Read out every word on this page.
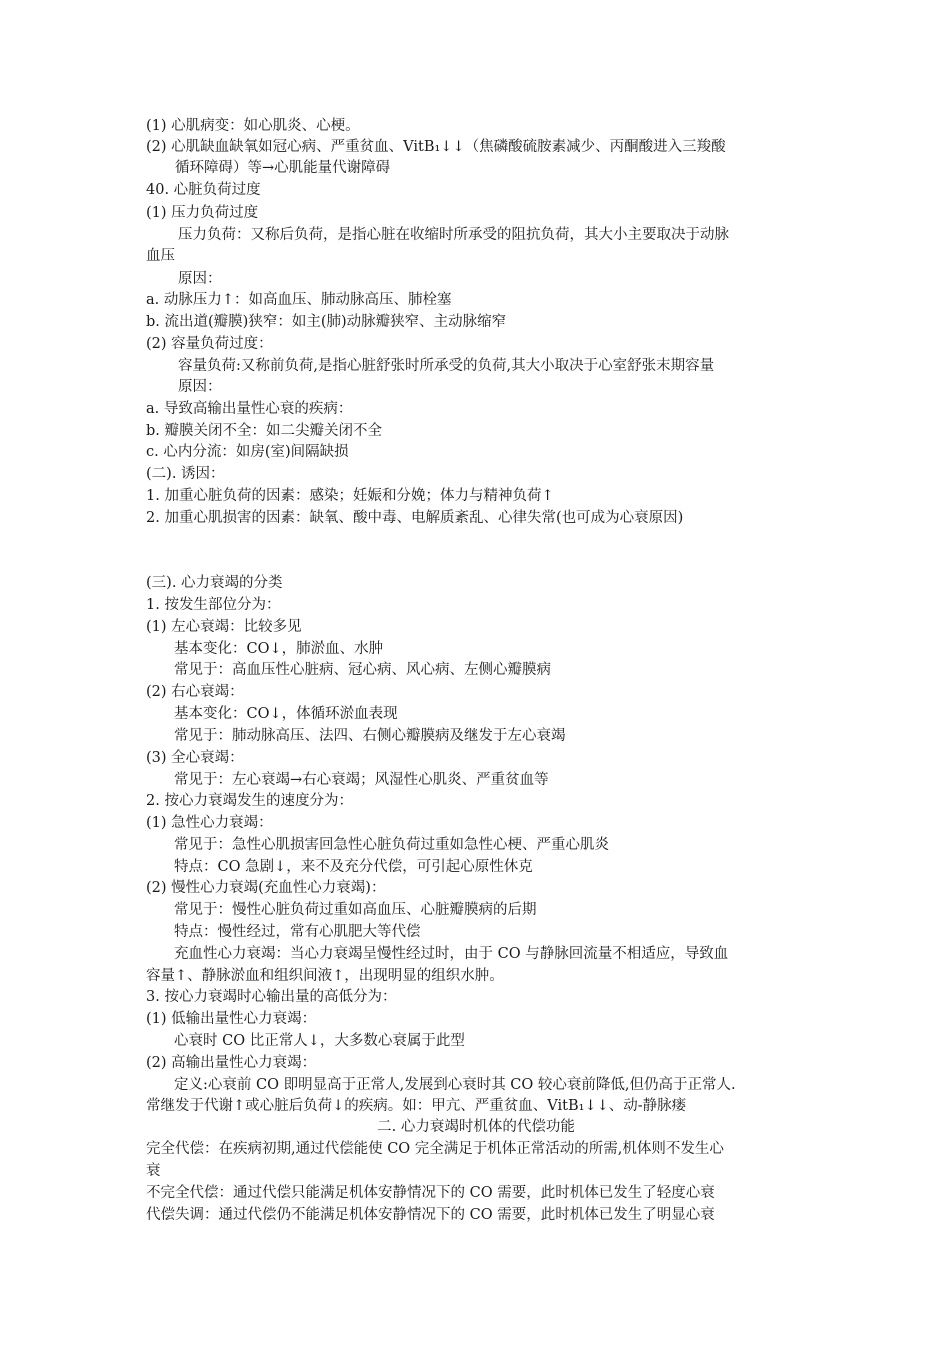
(1) 心肌病变：如心肌炎、心梗。
(2) 心肌缺血缺氧如冠心病、严重贫血、VitB₁↓↓（焦磷酸硫胺素减少、丙酮酸进入三羧酸
循环障碍）等→心肌能量代谢障碍
40. 心脏负荷过度
(1) 压力负荷过度
压力负荷：又称后负荷，是指心脏在收缩时所承受的阻抗负荷，其大小主要取决于动脉
血压
原因：
a. 动脉压力↑：如高血压、肺动脉高压、肺栓塞
b. 流出道(瓣膜)狭窄：如主(肺)动脉瓣狭窄、主动脉缩窄
(2) 容量负荷过度：
容量负荷:又称前负荷,是指心脏舒张时所承受的负荷,其大小取决于心室舒张末期容量
原因：
a. 导致高输出量性心衰的疾病：
b. 瓣膜关闭不全：如二尖瓣关闭不全
c. 心内分流：如房(室)间隔缺损
(二). 诱因：
1. 加重心脏负荷的因素：感染；妊娠和分娩；体力与精神负荷↑
2. 加重心肌损害的因素：缺氧、酸中毒、电解质紊乱、心律失常(也可成为心衰原因)
(三). 心力衰竭的分类
1. 按发生部位分为：
(1) 左心衰竭：比较多见
基本变化：CO↓，肺淤血、水肿
常见于：高血压性心脏病、冠心病、风心病、左侧心瓣膜病
(2) 右心衰竭：
基本变化：CO↓，体循环淤血表现
常见于：肺动脉高压、法四、右侧心瓣膜病及继发于左心衰竭
(3) 全心衰竭：
常见于：左心衰竭→右心衰竭；风湿性心肌炎、严重贫血等
2. 按心力衰竭发生的速度分为：
(1) 急性心力衰竭：
常见于：急性心肌损害回急性心脏负荷过重如急性心梗、严重心肌炎
特点：CO 急剧↓，来不及充分代偿，可引起心原性休克
(2) 慢性心力衰竭(充血性心力衰竭)：
常见于：慢性心脏负荷过重如高血压、心脏瓣膜病的后期
特点：慢性经过，常有心肌肥大等代偿
充血性心力衰竭：当心力衰竭呈慢性经过时，由于 CO 与静脉回流量不相适应，导致血
容量↑、静脉淤血和组织间液↑，出现明显的组织水肿。
3. 按心力衰竭时心输出量的高低分为：
(1) 低输出量性心力衰竭：
心衰时 CO 比正常人↓，大多数心衰属于此型
(2) 高输出量性心力衰竭：
定义:心衰前 CO 即明显高于正常人,发展到心衰时其 CO 较心衰前降低,但仍高于正常人.
常继发于代谢↑或心脏后负荷↓的疾病。如：甲亢、严重贫血、VitB₁↓↓、动-静脉瘘
二. 心力衰竭时机体的代偿功能
完全代偿：在疾病初期,通过代偿能使 CO 完全满足于机体正常活动的所需,机体则不发生心
衰
不完全代偿：通过代偿只能满足机体安静情况下的 CO 需要，此时机体已发生了轻度心衰
代偿失调：通过代偿仍不能满足机体安静情况下的 CO 需要，此时机体已发生了明显心衰
